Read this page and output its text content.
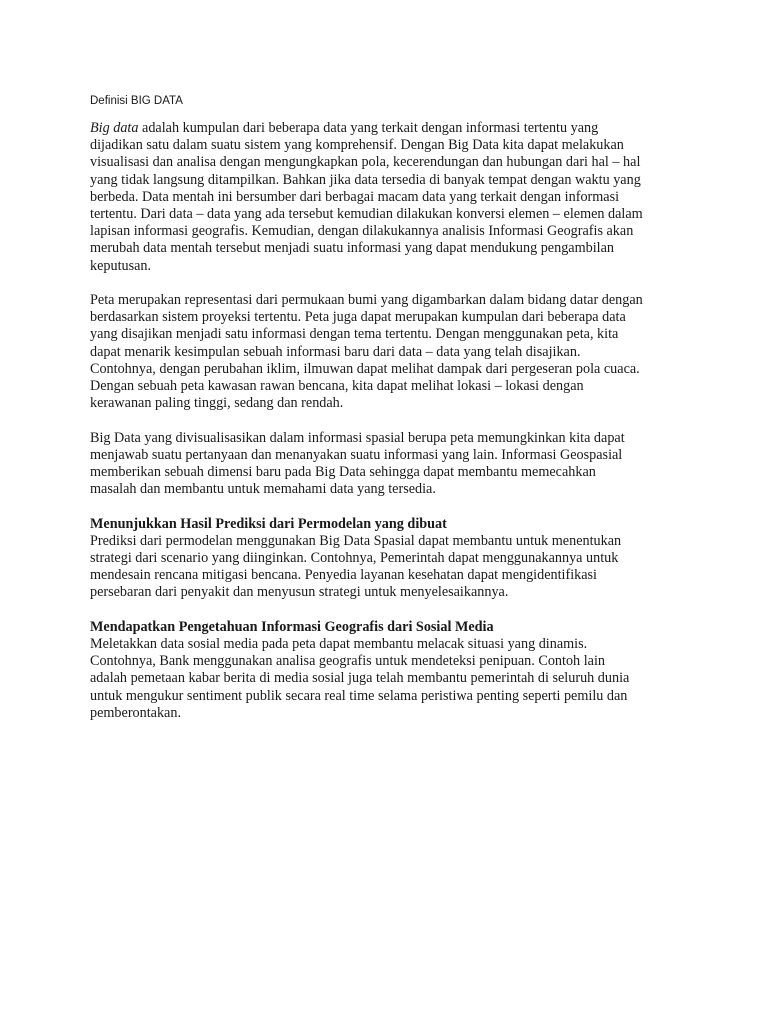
Definisi BIG DATA

Big data adalah kumpulan dari beberapa data yang terkait dengan informasi tertentu yang
dijadikan satu dalam suatu sistem yang komprehensif. Dengan Big Data kita dapat melakukan
visualisasi dan analisa dengan mengungkapkan pola, kecerendungan dan hubungan dari hal – hal
yang tidak langsung ditampilkan. Bahkan jika data tersedia di banyak tempat dengan waktu yang
berbeda. Data mentah ini bersumber dari berbagai macam data yang terkait dengan informasi
tertentu. Dari data – data yang ada tersebut kemudian dilakukan konversi elemen – elemen dalam
lapisan informasi geografis. Kemudian, dengan dilakukannya analisis Informasi Geografis akan
merubah data mentah tersebut menjadi suatu informasi yang dapat mendukung pengambilan
keputusan.

Peta merupakan representasi dari permukaan bumi yang digambarkan dalam bidang datar dengan
berdasarkan sistem proyeksi tertentu. Peta juga dapat merupakan kumpulan dari beberapa data
yang disajikan menjadi satu informasi dengan tema tertentu. Dengan menggunakan peta, kita
dapat menarik kesimpulan sebuah informasi baru dari data – data yang telah disajikan.
Contohnya, dengan perubahan iklim, ilmuwan dapat melihat dampak dari pergeseran pola cuaca.
Dengan sebuah peta kawasan rawan bencana, kita dapat melihat lokasi – lokasi dengan
kerawanan paling tinggi, sedang dan rendah.

Big Data yang divisualisasikan dalam informasi spasial berupa peta memungkinkan kita dapat
menjawab suatu pertanyaan dan menanyakan suatu informasi yang lain. Informasi Geospasial
memberikan sebuah dimensi baru pada Big Data sehingga dapat membantu memecahkan
masalah dan membantu untuk memahami data yang tersedia.

Menunjukkan Hasil Prediksi dari Permodelan yang dibuat
Prediksi dari permodelan menggunakan Big Data Spasial dapat membantu untuk menentukan
strategi dari scenario yang diinginkan. Contohnya, Pemerintah dapat menggunakannya untuk
mendesain rencana mitigasi bencana. Penyedia layanan kesehatan dapat mengidentifikasi
persebaran dari penyakit dan menyusun strategi untuk menyelesaikannya.

Mendapatkan Pengetahuan Informasi Geografis dari Sosial Media
Meletakkan data sosial media pada peta dapat membantu melacak situasi yang dinamis.
Contohnya, Bank menggunakan analisa geografis untuk mendeteksi penipuan. Contoh lain
adalah pemetaan kabar berita di media sosial juga telah membantu pemerintah di seluruh dunia
untuk mengukur sentiment publik secara real time selama peristiwa penting seperti pemilu dan
pemberontakan.
